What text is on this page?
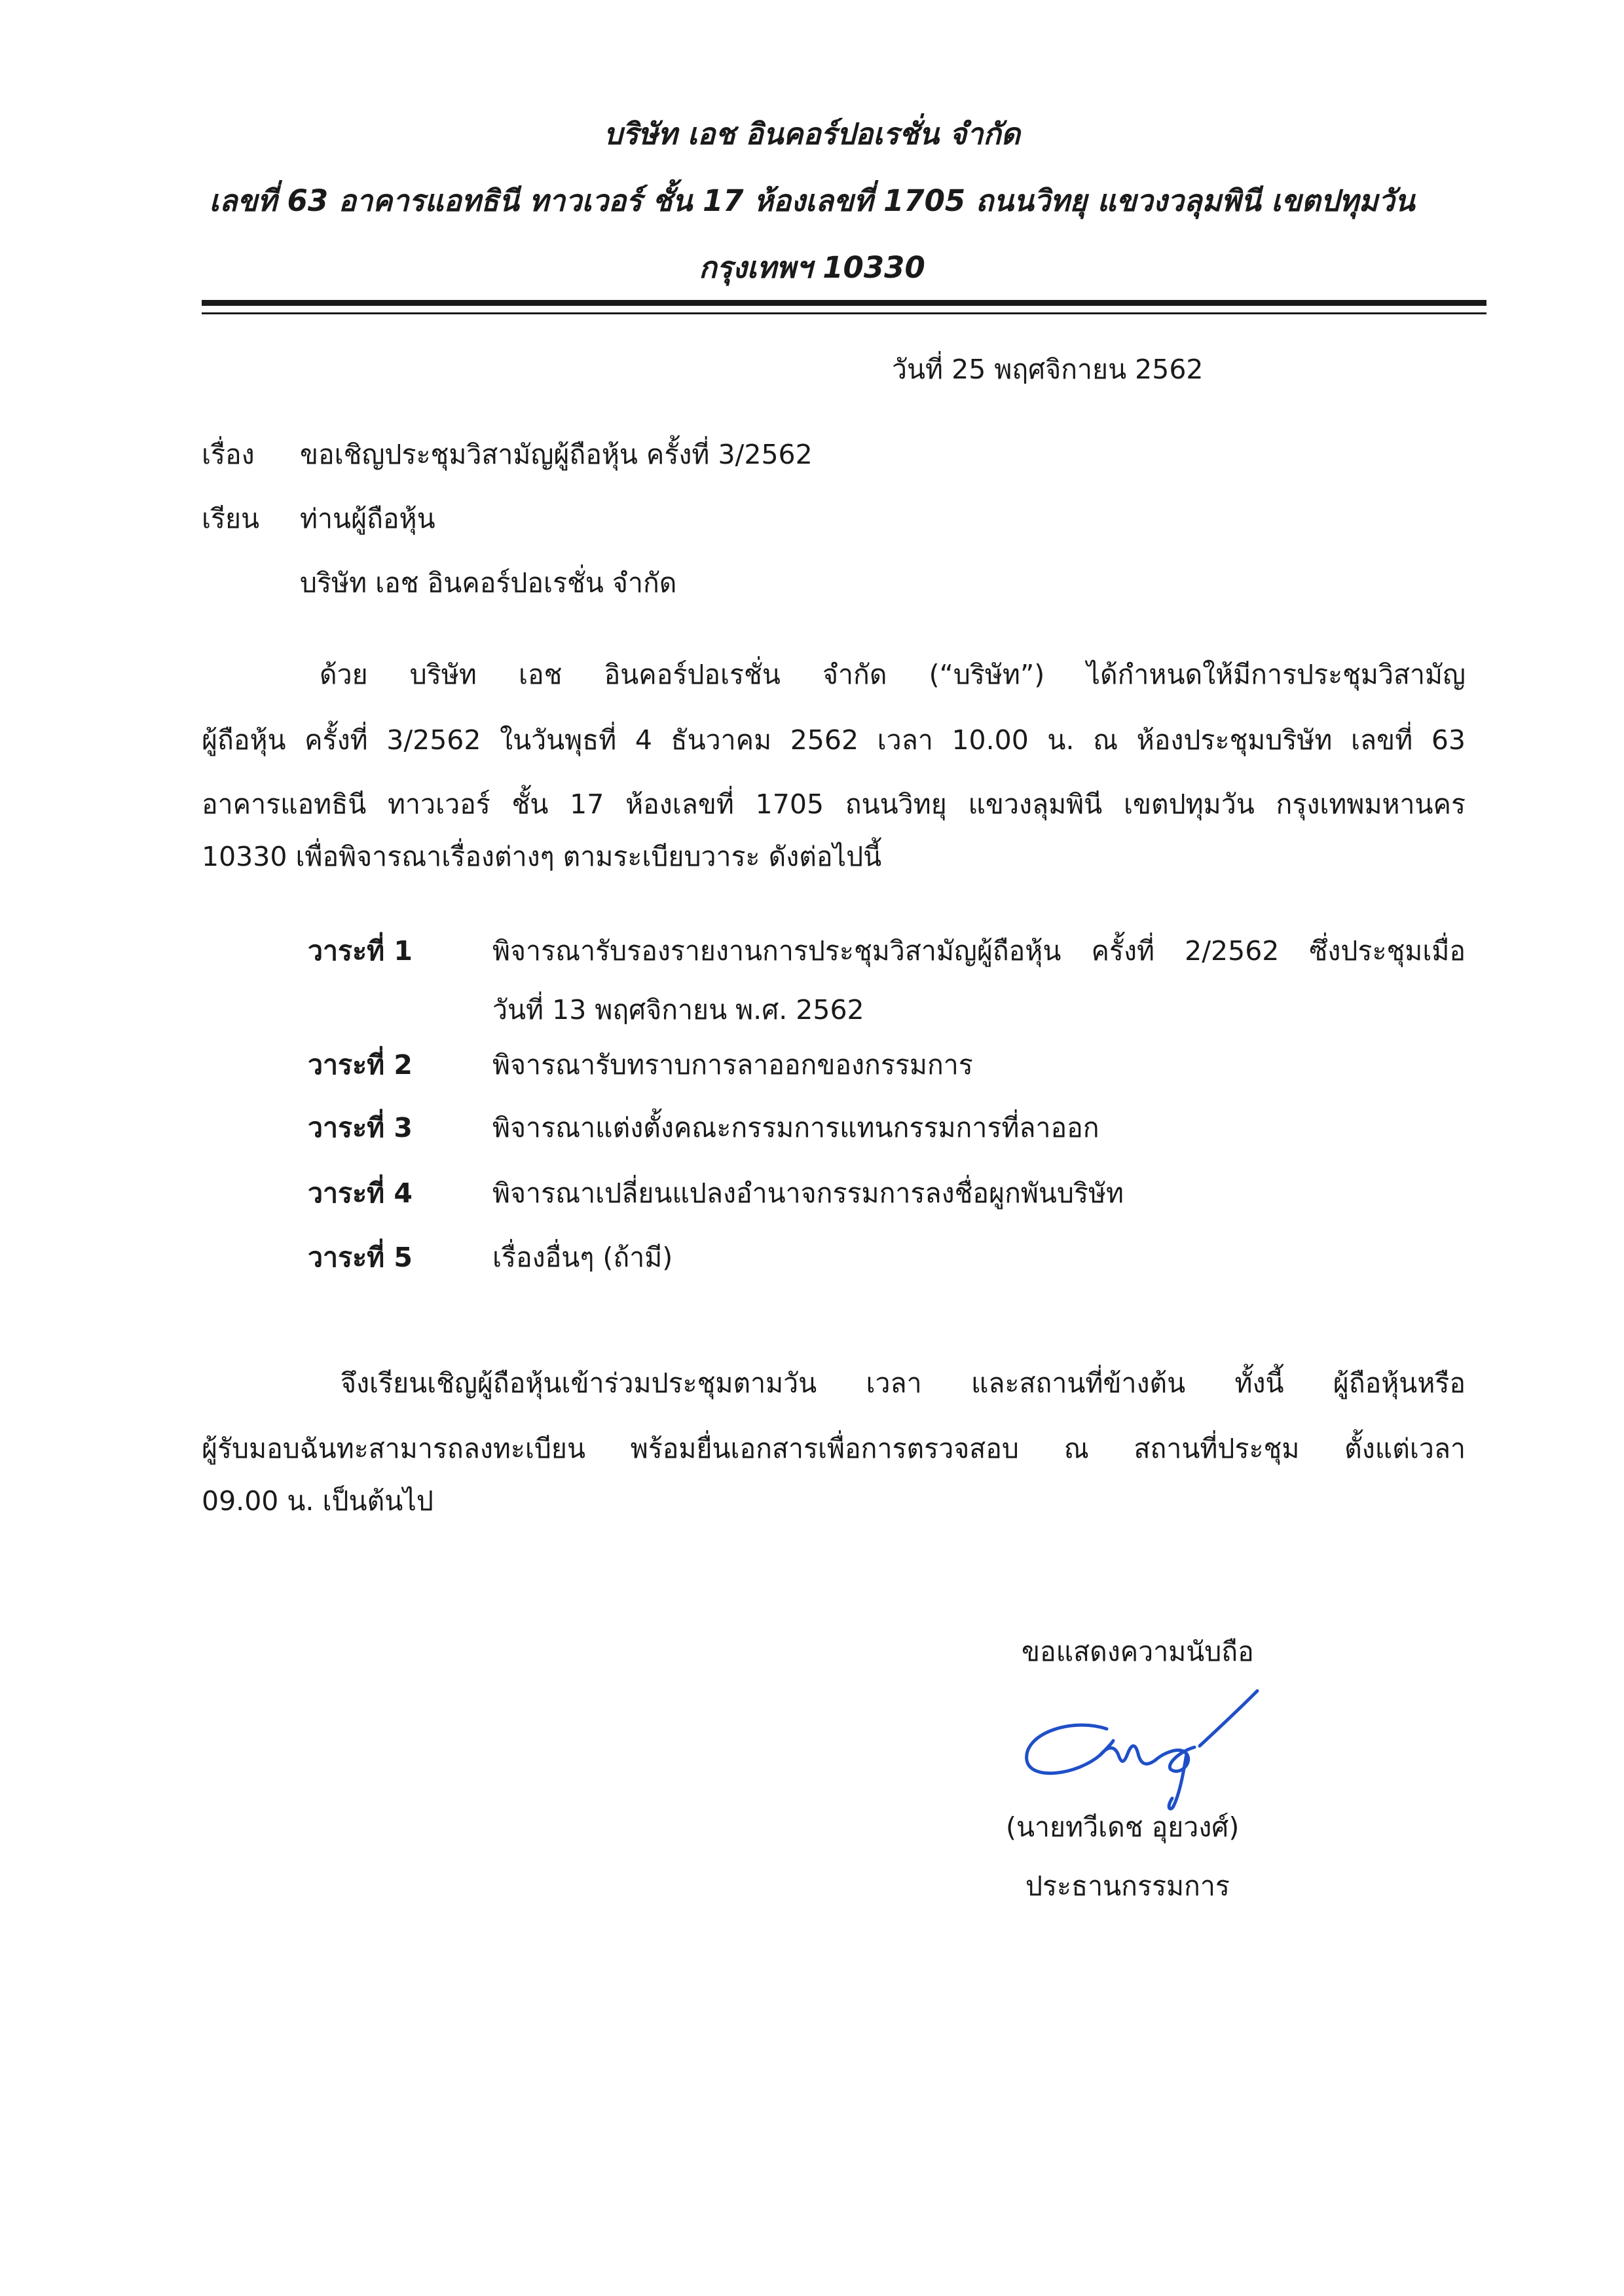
บริษัท เอช อินคอร์ปอเรชั่น จำกัด
เลขที่ 63 อาคารแอทธินี ทาวเวอร์ ชั้น 17 ห้องเลขที่ 1705 ถนนวิทยุ แขวงวลุมพินี เขตปทุมวัน
กรุงเทพฯ 10330
วันที่ 25 พฤศจิกายน 2562
เรื่อง ขอเชิญประชุมวิสามัญผู้ถือหุ้น ครั้งที่ 3/2562
เรียน ท่านผู้ถือหุ้น
บริษัท เอช อินคอร์ปอเรชั่น จำกัด
ด้วย บริษัท เอช อินคอร์ปอเรชั่น จำกัด (“บริษัท”) ได้กำหนดให้มีการประชุมวิสามัญ
ผู้ถือหุ้น ครั้งที่ 3/2562 ในวันพุธที่ 4 ธันวาคม 2562 เวลา 10.00 น. ณ ห้องประชุมบริษัท เลขที่ 63
อาคารแอทธินี ทาวเวอร์ ชั้น 17 ห้องเลขที่ 1705 ถนนวิทยุ แขวงลุมพินี เขตปทุมวัน กรุงเทพมหานคร
10330 เพื่อพิจารณาเรื่องต่างๆ ตามระเบียบวาระ ดังต่อไปนี้
วาระที่ 1	พิจารณารับรองรายงานการประชุมวิสามัญผู้ถือหุ้น ครั้งที่ 2/2562 ซึ่งประชุมเมื่อ
วันที่ 13 พฤศจิกายน พ.ศ. 2562
วาระที่ 2	พิจารณารับทราบการลาออกของกรรมการ
วาระที่ 3	พิจารณาแต่งตั้งคณะกรรมการแทนกรรมการที่ลาออก
วาระที่ 4	พิจารณาเปลี่ยนแปลงอำนาจกรรมการลงชื่อผูกพันบริษัท
วาระที่ 5	เรื่องอื่นๆ (ถ้ามี)
จึงเรียนเชิญผู้ถือหุ้นเข้าร่วมประชุมตามวัน เวลา และสถานที่ข้างต้น ทั้งนี้ ผู้ถือหุ้นหรือ
ผู้รับมอบฉันทะสามารถลงทะเบียน พร้อมยื่นเอกสารเพื่อการตรวจสอบ ณ สถานที่ประชุม ตั้งแต่เวลา
09.00 น. เป็นต้นไป
ขอแสดงความนับถือ
(นายทวีเดช อุยวงศ์)
ประธานกรรมการ
